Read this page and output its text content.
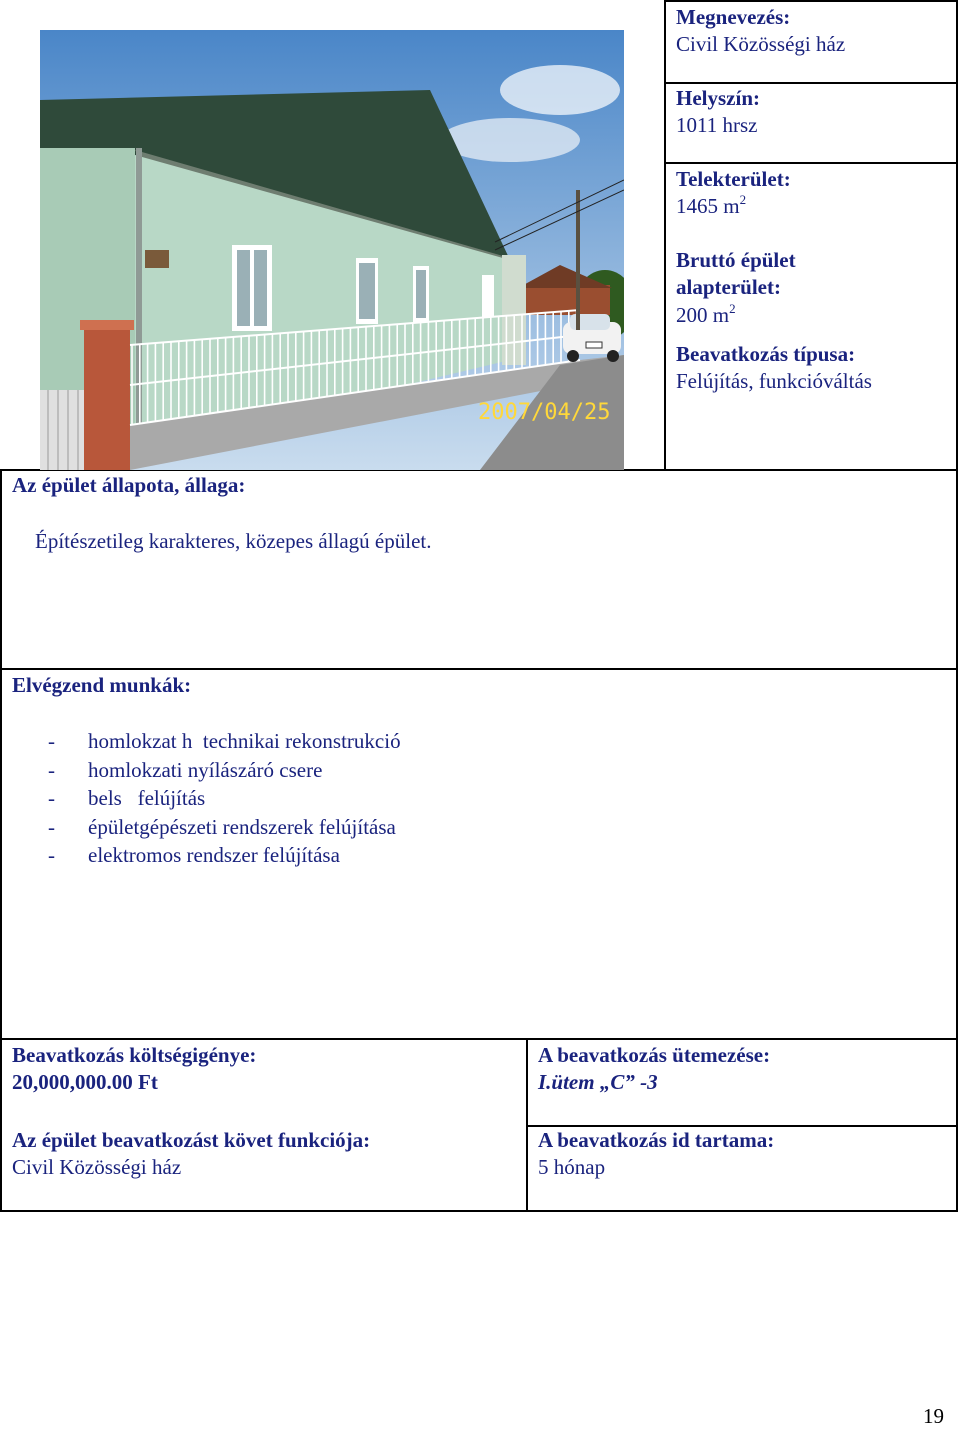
2007/04/25
Megnevezés:
Civil Közösségi ház
Helyszín:
1011 hrsz
Telekterület:
1465 $m^2$
Bruttó épület
alapterület:
200 $m^2$
Beavatkozás típusa:
Felújítás, funkcióváltás
Az épület állapota, állaga:
Építészetileg karakteres, közepes állagú épület.
Elvégzend munkák:
- homlokzat h  technikai rekonstrukció
- homlokzati nyílászáró csere
- bels   felújítás
- épületgépészeti rendszerek felújítása
- elektromos rendszer felújítása
Beavatkozás költségigénye:
20,000,000.00 Ft
A beavatkozás ütemezése:
I.ütem „C” -3
Az épület beavatkozást követ funkciója:
Civil Közösségi ház
A beavatkozás id tartama:
5 hónap
19
